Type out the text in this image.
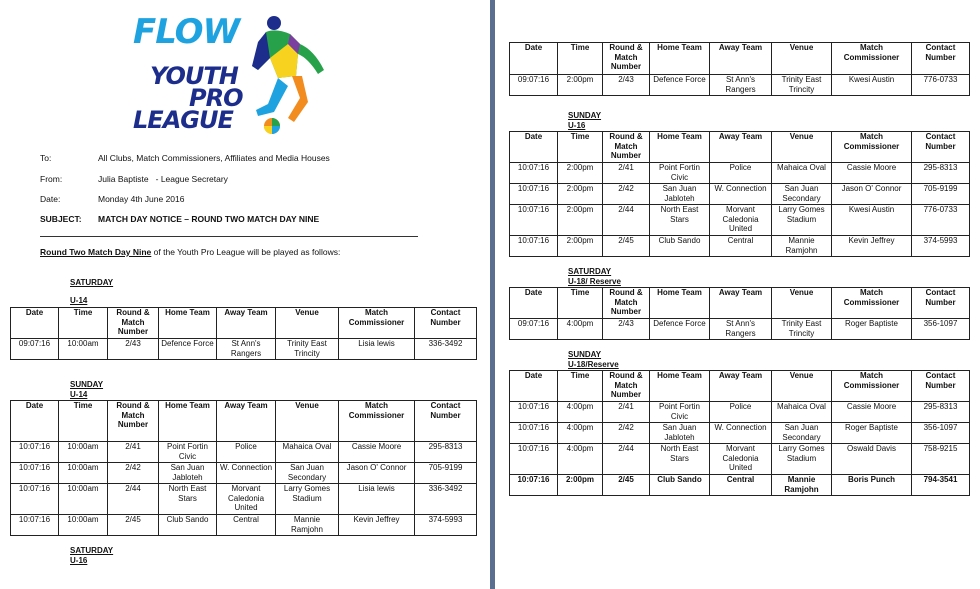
FLOW
YOUTH
PRO
LEAGUE
To:	All Clubs, Match Commissioners, Affiliates and Media Houses
From:	Julia Baptiste   - League Secretary
Date:	Monday 4th June 2016
SUBJECT: MATCH DAY NOTICE – ROUND TWO MATCH DAY NINE
Round Two Match Day Nine of the Youth Pro League will be played as follows:
SATURDAY
U-14
Date	Time	Round & Match Number	Home Team	Away Team	Venue	Match Commissioner	Contact Number
09:07:16	10:00am	2/43	Defence Force	St Ann's Rangers	Trinity East Trincity	Lisia lewis	336-3492
SUNDAY
U-14
Date	Time	Round & Match Number	Home Team	Away Team	Venue	Match Commissioner	Contact Number
10:07:16	10:00am	2/41	Point Fortin Civic	Police	Mahaica Oval	Cassie Moore	295-8313
10:07:16	10:00am	2/42	San Juan Jabloteh	W. Connection	San Juan Secondary	Jason O' Connor	705-9199
10:07:16	10:00am	2/44	North East Stars	Morvant Caledonia United	Larry Gomes Stadium	Lisia lewis	336-3492
10:07:16	10:00am	2/45	Club Sando	Central	Mannie Ramjohn	Kevin Jeffrey	374-5993
SATURDAY
U-16
Date	Time	Round & Match Number	Home Team	Away Team	Venue	Match Commissioner	Contact Number
09:07:16	2:00pm	2/43	Defence Force	St Ann's Rangers	Trinity East Trincity	Kwesi Austin	776-0733
SUNDAY
U-16
Date	Time	Round & Match Number	Home Team	Away Team	Venue	Match Commissioner	Contact Number
10:07:16	2:00pm	2/41	Point Fortin Civic	Police	Mahaica Oval	Cassie Moore	295-8313
10:07:16	2:00pm	2/42	San Juan Jabloteh	W. Connection	San Juan Secondary	Jason O' Connor	705-9199
10:07:16	2:00pm	2/44	North East Stars	Morvant Caledonia United	Larry Gomes Stadium	Kwesi Austin	776-0733
10:07:16	2:00pm	2/45	Club Sando	Central	Mannie Ramjohn	Kevin Jeffrey	374-5993
SATURDAY
U-18/ Reserve
Date	Time	Round & Match Number	Home Team	Away Team	Venue	Match Commissioner	Contact Number
09:07:16	4:00pm	2/43	Defence Force	St Ann's Rangers	Trinity East Trincity	Roger Baptiste	356-1097
SUNDAY
U-18/Reserve
Date	Time	Round & Match Number	Home Team	Away Team	Venue	Match Commissioner	Contact Number
10:07:16	4:00pm	2/41	Point Fortin Civic	Police	Mahaica Oval	Cassie Moore	295-8313
10:07:16	4:00pm	2/42	San Juan Jabloteh	W. Connection	San Juan Secondary	Roger Baptiste	356-1097
10:07:16	4:00pm	2/44	North East Stars	Morvant Caledonia United	Larry Gomes Stadium	Oswald Davis	758-9215
10:07:16	2:00pm	2/45	Club Sando	Central	Mannie Ramjohn	Boris Punch	794-3541
